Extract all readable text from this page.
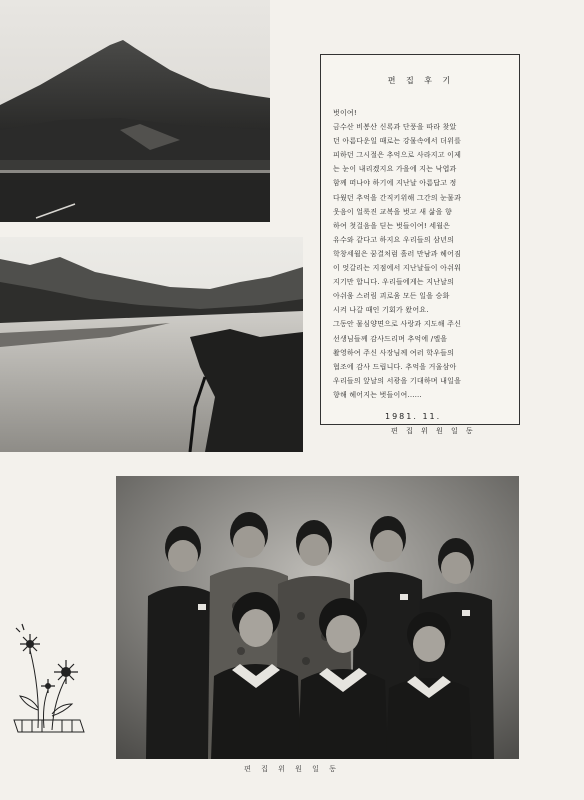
편 집 후 기
벗이여!
금수산 비봉산 신록과 단풍을 따라 찾았
던 아름다운일 때로는 강물속에서 더위를
피하던 그시절은 추억으로 사라지고 이제
는 눈이 내리겠지요 가을에 지는 낙엽과
함께 떠나야 하기에 지난날 아름답고 정
다웠던 추억을 간직키위해 그간의 눈물과
웃음이 얼룩진 교복을 벗고 새 삶을 향
하여 첫걸음을 딛는 벗들이여! 세월은
유수와 같다고 하지요 우리들의 삼년의
학창세월은 꿈결처럼 흘러 만남과 헤어짐
이 엇갈리는 지점에서 지난날들이 아쉬워
지기만 합니다. 우리들에게는 지난날의
아쉬움 스러림 괴로움 모든 일을 승화
시켜 나갈 때인 기회가 왔어요.
그동안 물심양면으로 사랑과 지도해 주신
선생님들께 감사드리며 추억에 /엘을
촬영하여 주신 사장님께 여러 학우들의
협조에 감사 드립니다. 추억을 거울삼아
우리들의 앞날의 서광을 기대하며 내일을
향해 헤어지는 벗들이여……
1981. 11.
편 집 위 원 일 동
편 집 위 원 일 동
